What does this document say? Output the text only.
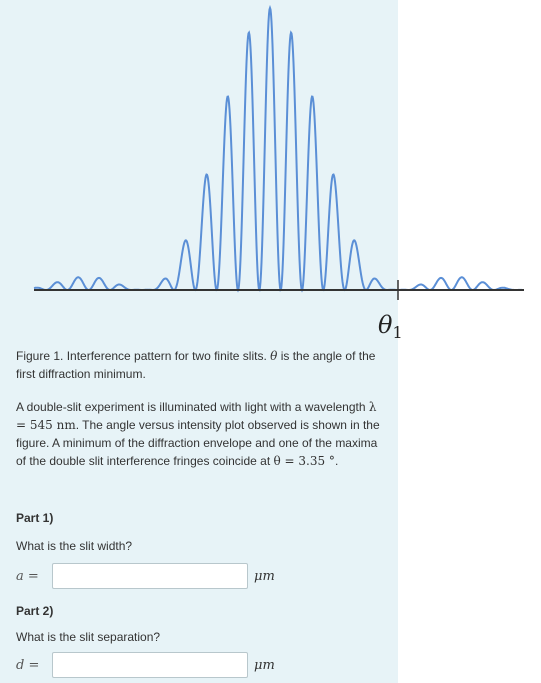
$\theta_1$
Figure 1. Interference pattern for two finite slits. θ is the angle of the first diffraction minimum.
A double-slit experiment is illuminated with light with a wavelength λ = 545 nm. The angle versus intensity plot observed is shown in the figure. A minimum of the diffraction envelope and one of the maxima of the double slit interference fringes coincide at θ = 3.35 °.
Part 1)
What is the slit width?
a =	μm
Part 2)
What is the slit separation?
d =	μm
